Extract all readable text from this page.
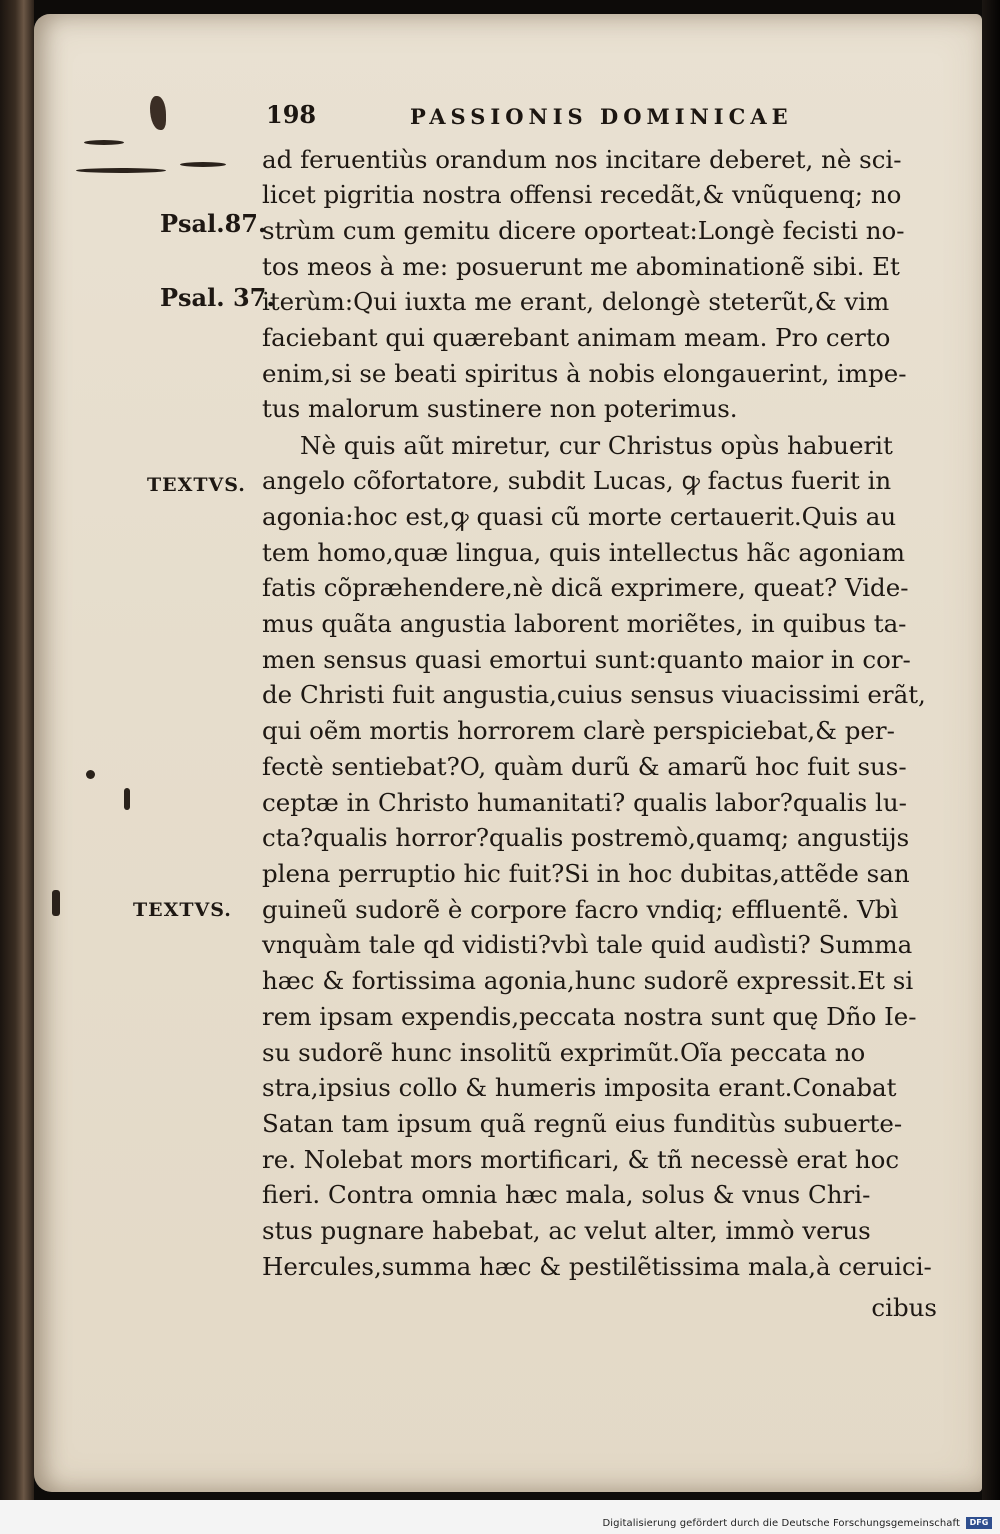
198	PASSIONIS DOMINICAE
Psal.87.
Psal. 37.
TEXTVS.
TEXTVS.
ad feruentiùs orandum nos incitare deberet, nè sci-
licet pigritia nostra offensi recedãt,& vnũquenq; no
strùm cum gemitu dicere oporteat:Longè fecisti no-
tos meos à me: posuerunt me abominationẽ sibi. Et
iterùm:Qui iuxta me erant, delongè steterũt,& vim
faciebant qui quærebant animam meam. Pro certo
enim,si se beati spiritus à nobis elongauerint, impe-
tus malorum sustinere non poterimus.
Nè quis aũt miretur, cur Christus opùs habuerit
angelo cõfortatore, subdit Lucas, ꝙ factus fuerit in
agonia:hoc est,ꝙ quasi cũ morte certauerit.Quis au
tem homo,quæ lingua, quis intellectus hãc agoniam
fatis cõpræhendere,nè dicã exprimere, queat? Vide-
mus quãta angustia laborent moriẽtes, in quibus ta-
men sensus quasi emortui sunt:quanto maior in cor-
de Christi fuit angustia,cuius sensus viuacissimi erãt,
qui oẽm mortis horrorem clarè perspiciebat,& per-
fectè sentiebat?O, quàm durũ & amarũ hoc fuit sus-
ceptæ in Christo humanitati? qualis labor?qualis lu-
cta?qualis horror?qualis postremò,quamq; angustijs
plena perruptio hic fuit?Si in hoc dubitas,attẽde san
guineũ sudorẽ è corpore facro vndiq; effluentẽ. Vbì
vnquàm tale qd vidisti?vbì tale quid audìsti? Summa
hæc & fortissima agonia,hunc sudorẽ expressit.Et si
rem ipsam expendis,peccata nostra sunt quę Dño Ie-
su sudorẽ hunc insolitũ exprimũt.Oĩa peccata no
stra,ipsius collo & humeris imposita erant.Conabat
Satan tam ipsum quã regnũ eius funditùs subuerte-
re. Nolebat mors mortificari, & tñ necessè erat hoc
fieri. Contra omnia hæc mala, solus & vnus Chri-
stus pugnare habebat, ac velut alter, immò verus
Hercules,summa hæc & pestilẽtissima mala,à ceruici-
cibus
Digitalisierung gefördert durch die Deutsche Forschungsgemeinschaft	DFG
